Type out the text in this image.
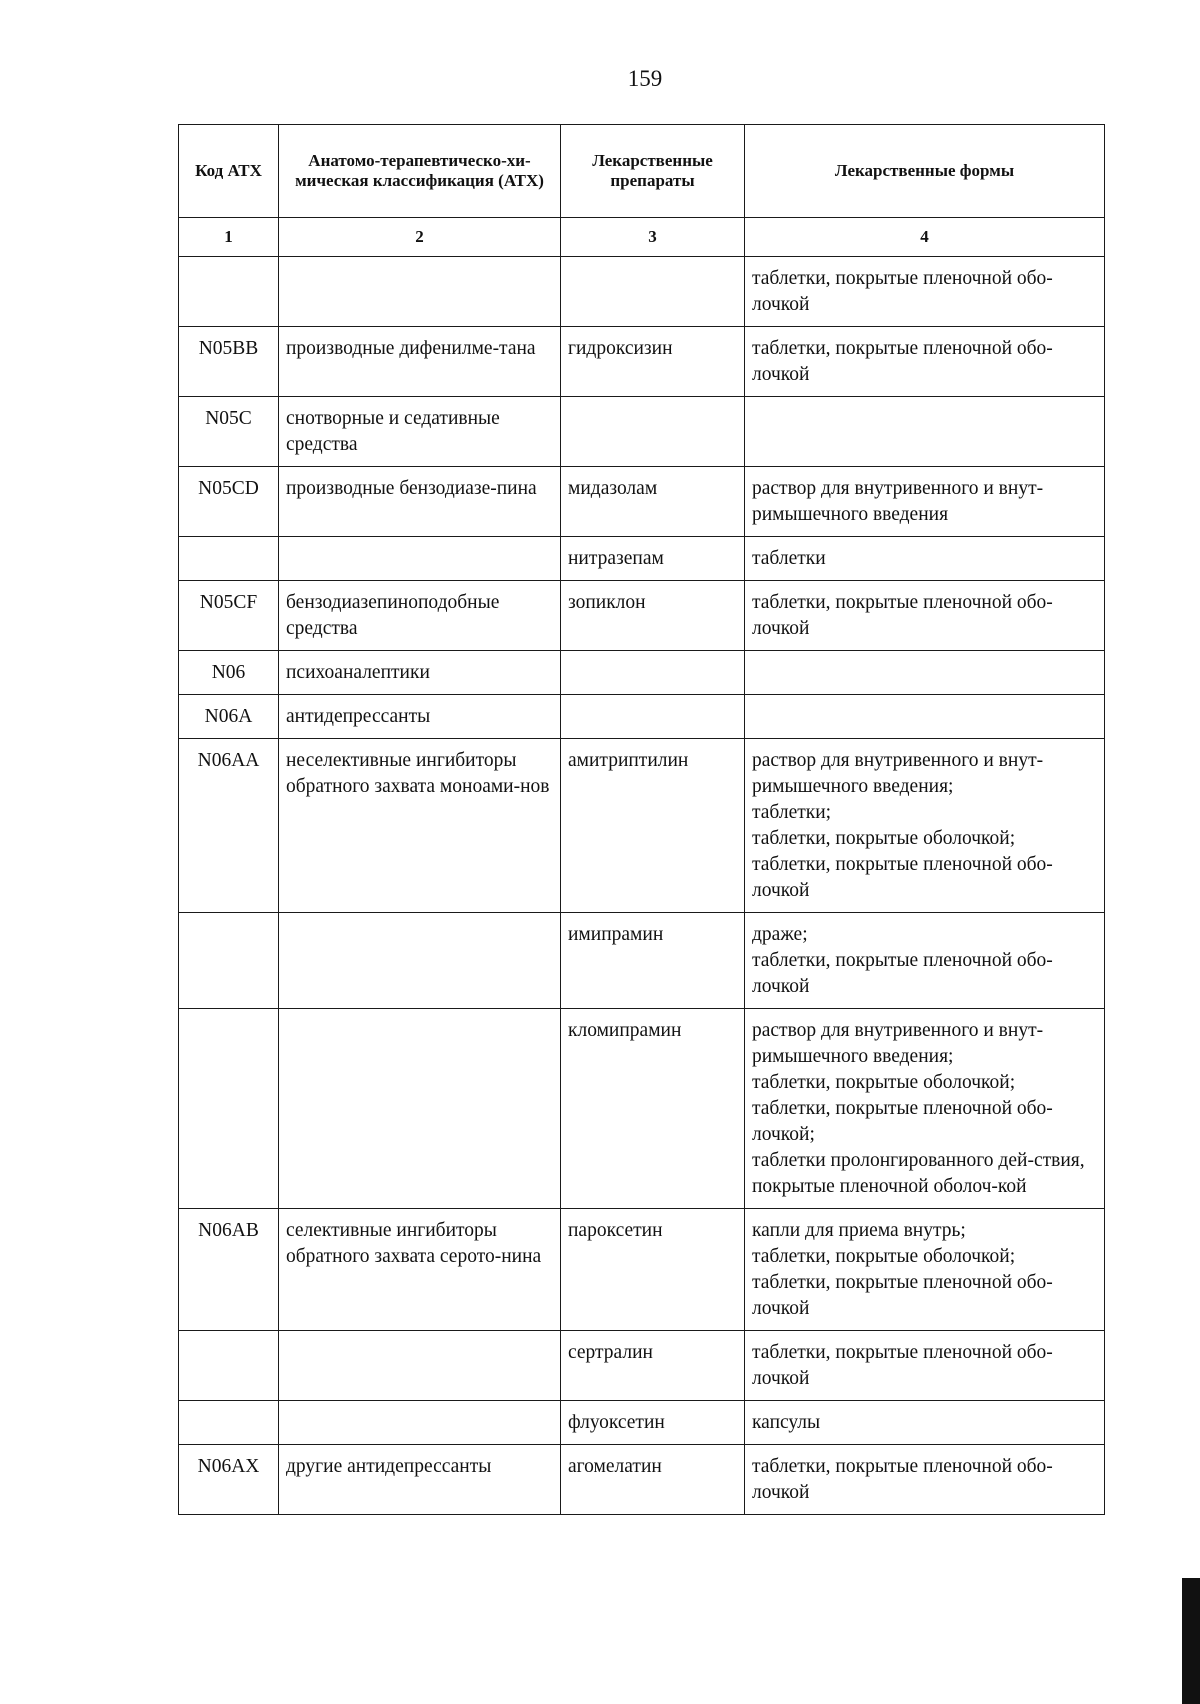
159
Код АТХ	Анатомо-терапевтическо-хи-мическая классификация (АТХ)	Лекарственные препараты	Лекарственные формы
1	2	3	4

			таблетки, покрытые пленочной обо-лочкой

N05BB	производные дифенилме-тана	гидроксизин	таблетки, покрытые пленочной обо-лочкой

N05C	снотворные и седативные средства		
N05CD	производные бензодиазе-пина	мидазолам	раствор для внутривенного и внут-римышечного введения

		нитразепам	таблетки

N05CF	бензодиазепиноподобные средства	зопиклон	таблетки, покрытые пленочной обо-лочкой

N06	психоаналептики		
N06A	антидепрессанты		
N06AA	неселективные ингибиторы обратного захвата моноами-нов	амитриптилин	раствор для внутривенного и внут-римышечного введения;
таблетки;
таблетки, покрытые оболочкой;
таблетки, покрытые пленочной обо-лочкой

		имипрамин	драже;
таблетки, покрытые пленочной обо-лочкой

		кломипрамин	раствор для внутривенного и внут-римышечного введения;
таблетки, покрытые оболочкой;
таблетки, покрытые пленочной обо-лочкой;
таблетки пролонгированного дей-ствия, покрытые пленочной оболоч-кой

N06AB	селективные ингибиторы обратного захвата серото-нина	пароксетин	капли для приема внутрь;
таблетки, покрытые оболочкой;
таблетки, покрытые пленочной обо-лочкой

		сертралин	таблетки, покрытые пленочной обо-лочкой

		флуоксетин	капсулы

N06AX	другие антидепрессанты	агомелатин	таблетки, покрытые пленочной обо-лочкой
